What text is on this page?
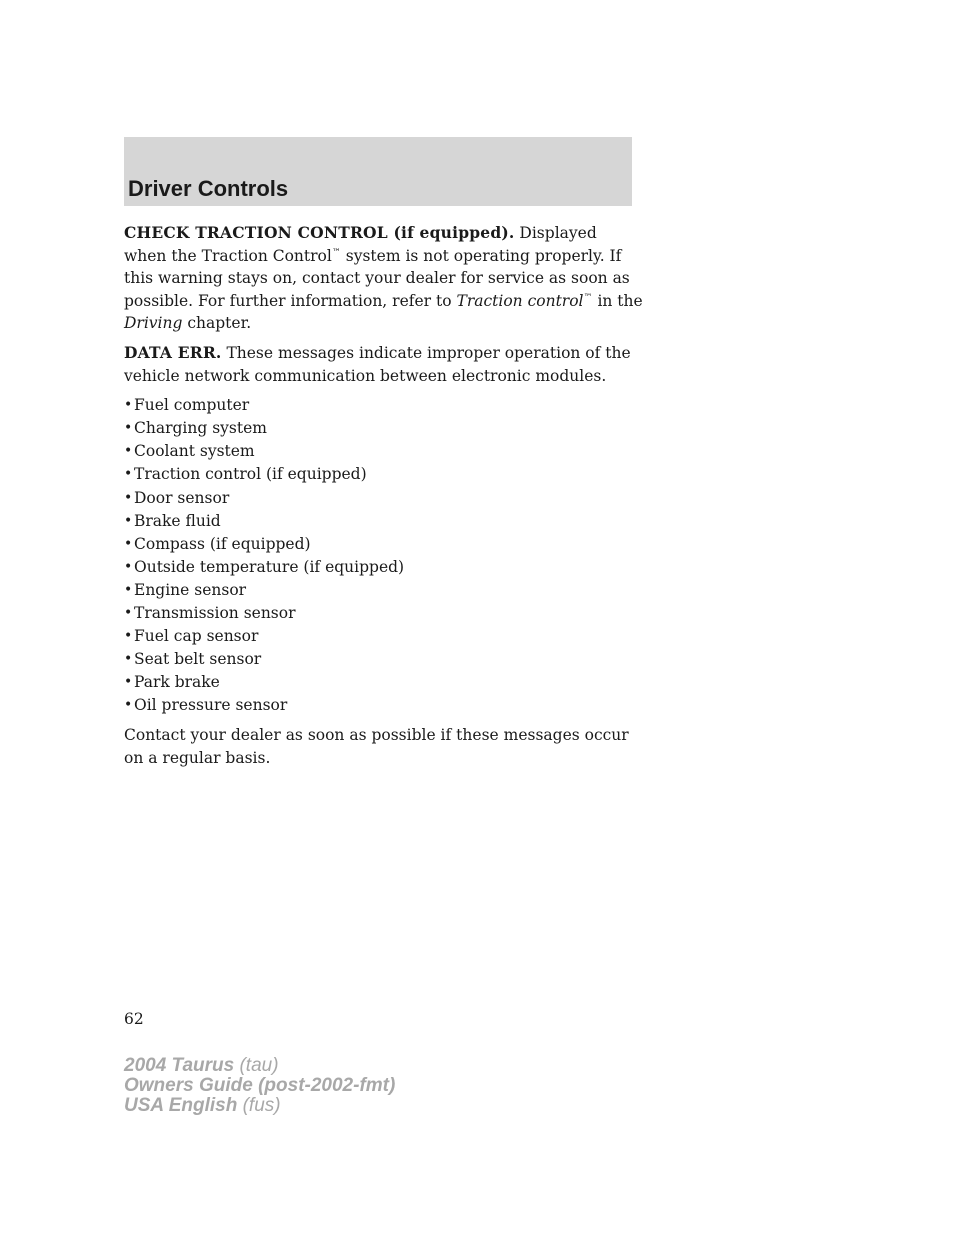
Driver Controls

CHECK TRACTION CONTROL (if equipped). Displayed when the Traction Control™ system is not operating properly. If this warning stays on, contact your dealer for service as soon as possible. For further information, refer to Traction control™ in the Driving chapter.

DATA ERR. These messages indicate improper operation of the vehicle network communication between electronic modules.

• Fuel computer
• Charging system
• Coolant system
• Traction control (if equipped)
• Door sensor
• Brake fluid
• Compass (if equipped)
• Outside temperature (if equipped)
• Engine sensor
• Transmission sensor
• Fuel cap sensor
• Seat belt sensor
• Park brake
• Oil pressure sensor

Contact your dealer as soon as possible if these messages occur on a regular basis.

62
2004 Taurus (tau)
Owners Guide (post-2002-fmt)
USA English (fus)
